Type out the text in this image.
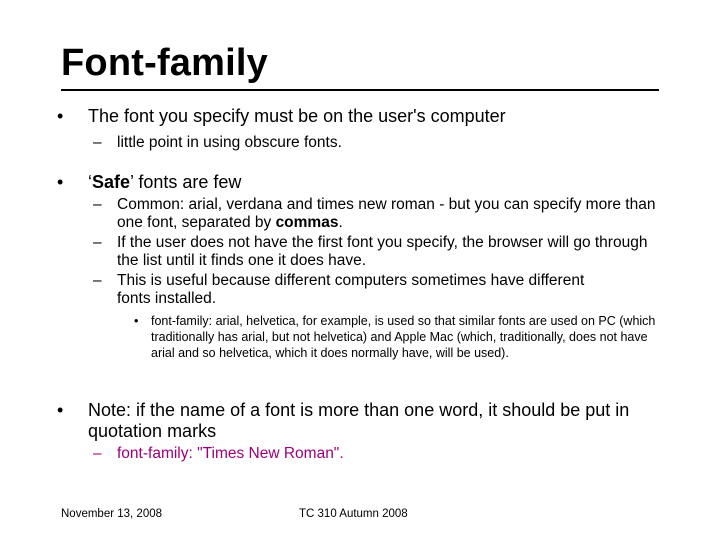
Font-family
• The font you specify must be on the user's computer
– little point in using obscure fonts.
• ‘Safe’ fonts are few
– Common: arial, verdana and times new roman - but you can specify more than one font, separated by commas.
– If the user does not have the first font you specify, the browser will go through the list until it finds one it does have.
– This is useful because different computers sometimes have different fonts installed.
• font-family: arial, helvetica, for example, is used so that similar fonts are used on PC (which traditionally has arial, but not helvetica) and Apple Mac (which, traditionally, does not have arial and so helvetica, which it does normally have, will be used).
• Note: if the name of a font is more than one word, it should be put in quotation marks
– font-family: "Times New Roman".
November 13, 2008	TC 310 Autumn 2008
